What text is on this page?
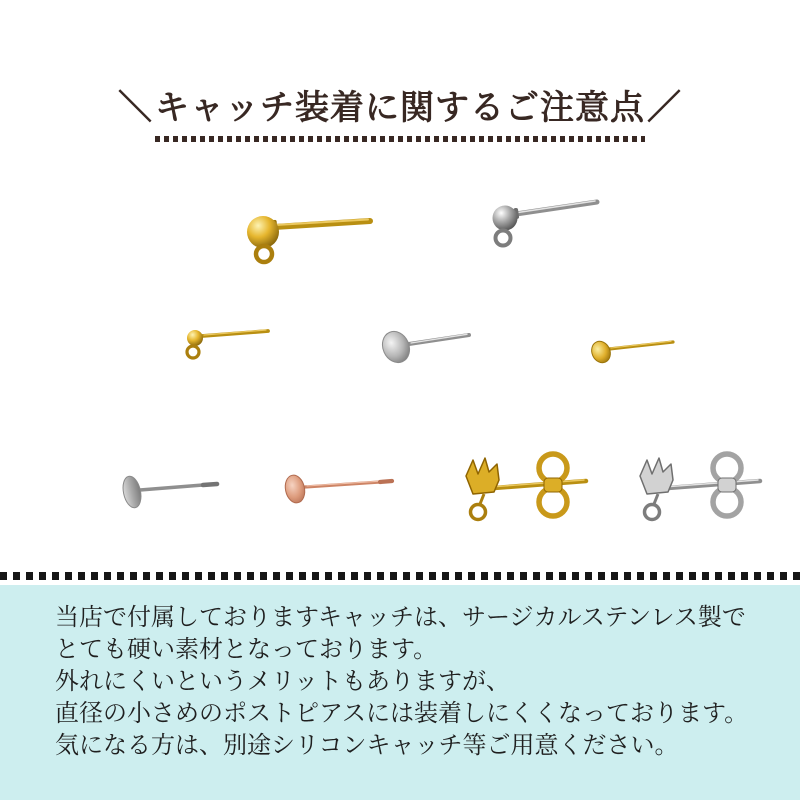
＼ キャッチ装着に関するご注意点 ／

当店で付属しておりますキャッチは、サージカルステンレス製で

とても硬い素材となっております。

外れにくいというメリットもありますが、

直径の小さめのポストピアスには装着しにくくなっております。

気になる方は、別途シリコンキャッチ等ご用意ください。
